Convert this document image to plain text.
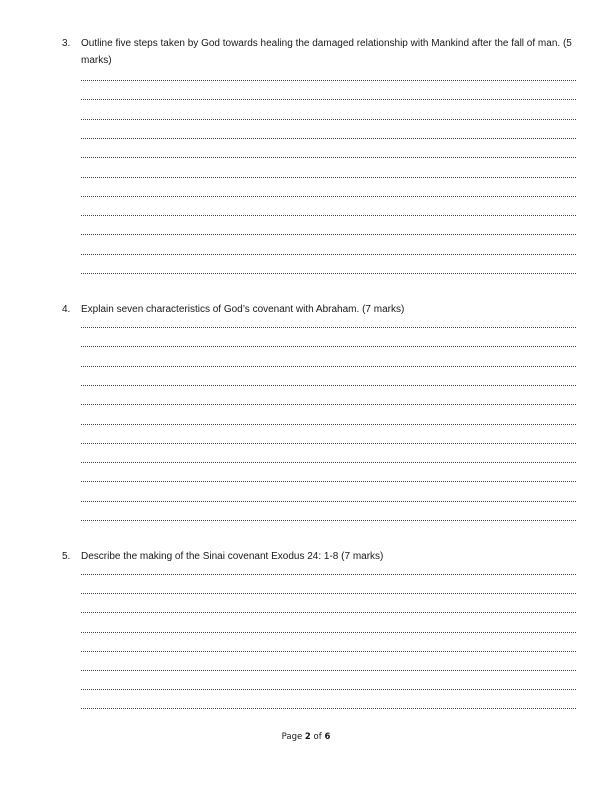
3.	Outline five steps taken by God towards healing the damaged relationship with Mankind after the fall of man. (5 marks)
4.	Explain seven characteristics of God’s covenant with Abraham. (7 marks)
5.	Describe the making of the Sinai covenant Exodus 24: 1-8 (7 marks)
Page 2 of 6
